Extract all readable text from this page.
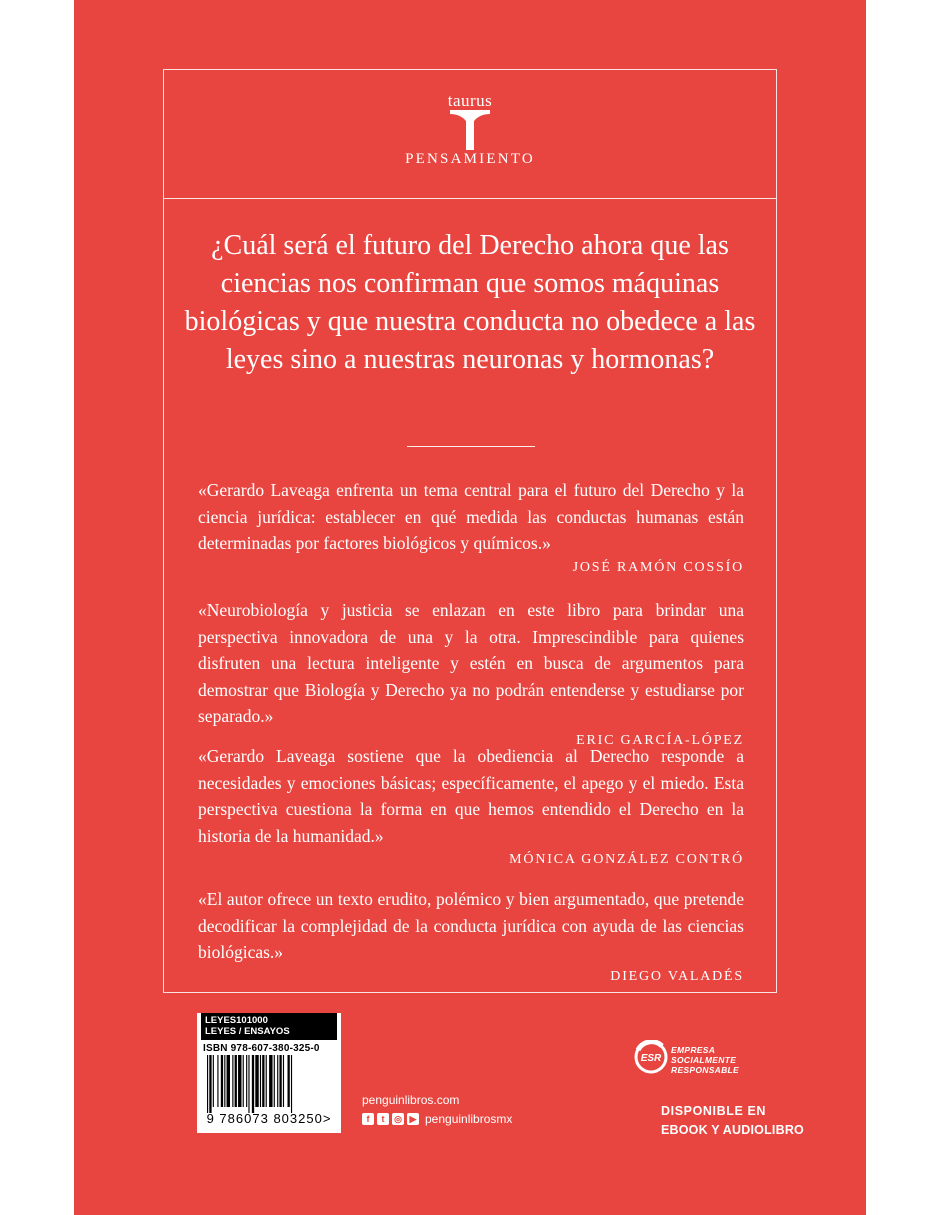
taurus
PENSAMIENTO
¿Cuál será el futuro del Derecho ahora que las ciencias nos confirman que somos máquinas biológicas y que nuestra conducta no obedece a las leyes sino a nuestras neuronas y hormonas?

«Gerardo Laveaga enfrenta un tema central para el futuro del Derecho y la ciencia jurídica: establecer en qué medida las conductas humanas están determinadas por factores biológicos y químicos.»

JOSÉ RAMÓN COSSÍO

«Neurobiología y justicia se enlazan en este libro para brindar una perspectiva innovadora de una y la otra. Imprescindible para quienes disfruten una lectura inteligente y estén en busca de argumentos para demostrar que Biología y Derecho ya no podrán entenderse y estudiarse por separado.»

ERIC GARCÍA-LÓPEZ

«Gerardo Laveaga sostiene que la obediencia al Derecho responde a necesidades y emociones básicas; específicamente, el apego y el miedo. Esta perspectiva cuestiona la forma en que hemos entendido el Derecho en la historia de la humanidad.»

MÓNICA GONZÁLEZ CONTRÓ

«El autor ofrece un texto erudito, polémico y bien argumentado, que pretende decodificar la complejidad de la conducta jurídica con ayuda de las ciencias biológicas.»

DIEGO VALADÉS

LEYES101000
LEYES / ENSAYOS
ISBN 978-607-380-325-0
9 786073 803250>
penguinlibros.com
f	t	◎ ▶ penguinlibrosmx
ESR
EMPRESA
SOCIALMENTE
RESPONSABLE
DISPONIBLE EN
EBOOK Y AUDIOLIBRO
